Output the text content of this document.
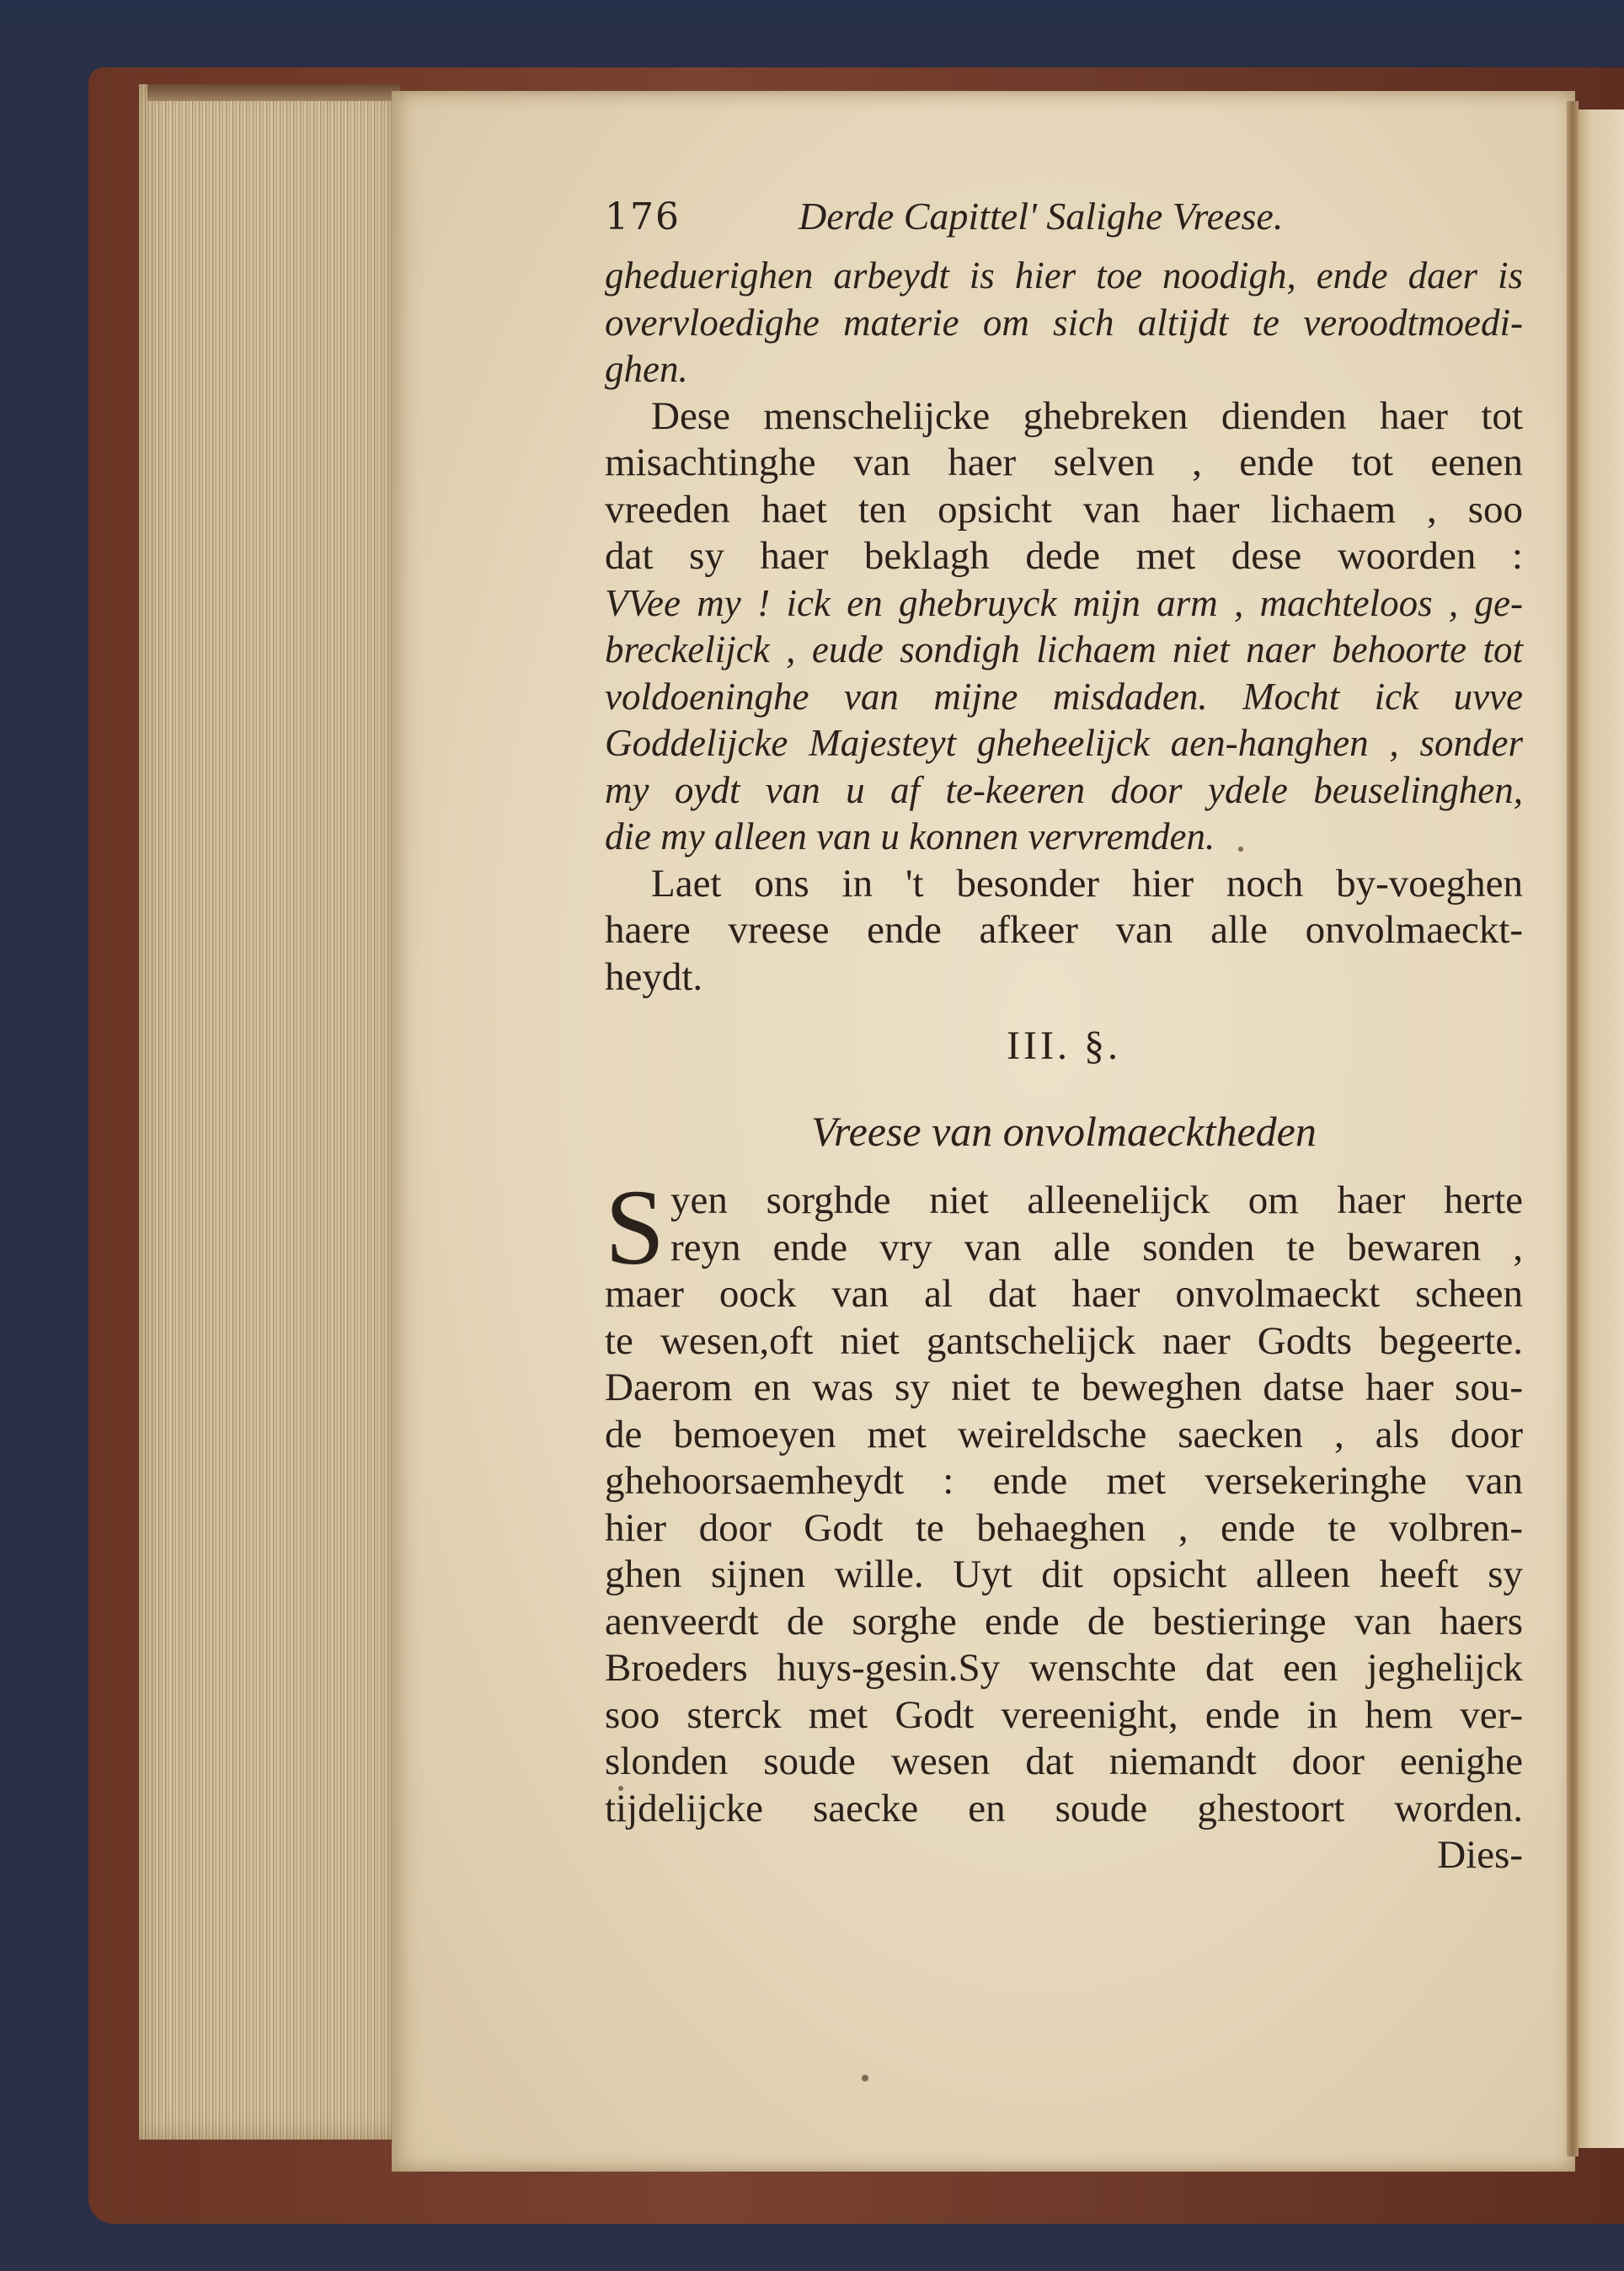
176	Derde Capittel' Salighe Vreese.
gheduerighen arbeydt is hier toe noodigh, ende daer is
overvloedighe materie om sich altijdt te veroodtmoedi-
ghen.
Dese menschelijcke ghebreken dienden haer tot
misachtinghe van haer selven , ende tot eenen
vreeden haet ten opsicht van haer lichaem , soo
dat sy haer beklagh dede met dese woorden :
VVee my ! ick en ghebruyck mijn arm , machteloos , ge-
breckelijck , eude sondigh lichaem niet naer behoorte tot
voldoeninghe van mijne misdaden. Mocht ick uvve
Goddelijcke Majesteyt gheheelijck aen-hanghen , sonder
my oydt van u af te-keeren door ydele beuselinghen,
die my alleen van u konnen vervremden.
Laet ons in 't besonder hier noch by-voeghen
haere vreese ende afkeer van alle onvolmaeckt-
heydt.
III. §.
Vreese van onvolmaecktheden
S yen sorghde niet alleenelijck om haer herte
reyn ende vry van alle sonden te bewaren ,
maer oock van al dat haer onvolmaeckt scheen
te wesen,oft niet gantschelijck naer Godts begeerte.
Daerom en was sy niet te beweghen datse haer sou-
de bemoeyen met weireldsche saecken , als door
ghehoorsaemheydt : ende met versekeringhe van
hier door Godt te behaeghen , ende te volbren-
ghen sijnen wille. Uyt dit opsicht alleen heeft sy
aenveerdt de sorghe ende de bestieringe van haers
Broeders huys-gesin.Sy wenschte dat een jeghelijck
soo sterck met Godt vereenight, ende in hem ver-
slonden soude wesen dat niemandt door eenighe
tijdelijcke saecke en soude ghestoort worden.
Dies-
